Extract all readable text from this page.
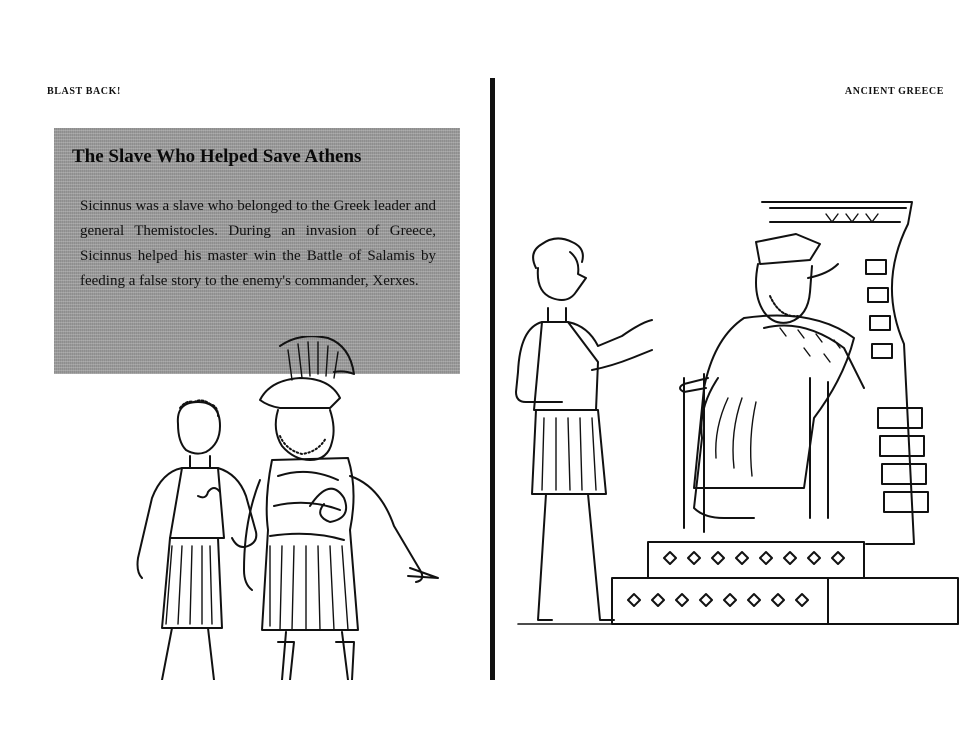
BLAST BACK!
The Slave Who Helped Save Athens

Sicinnus was a slave who belonged to the Greek leader and general Themistocles. During an invasion of Greece, Sicinnus helped his master win the Battle of Salamis by feeding a false story to the enemy's commander, Xerxes.

ANCIENT GREECE
